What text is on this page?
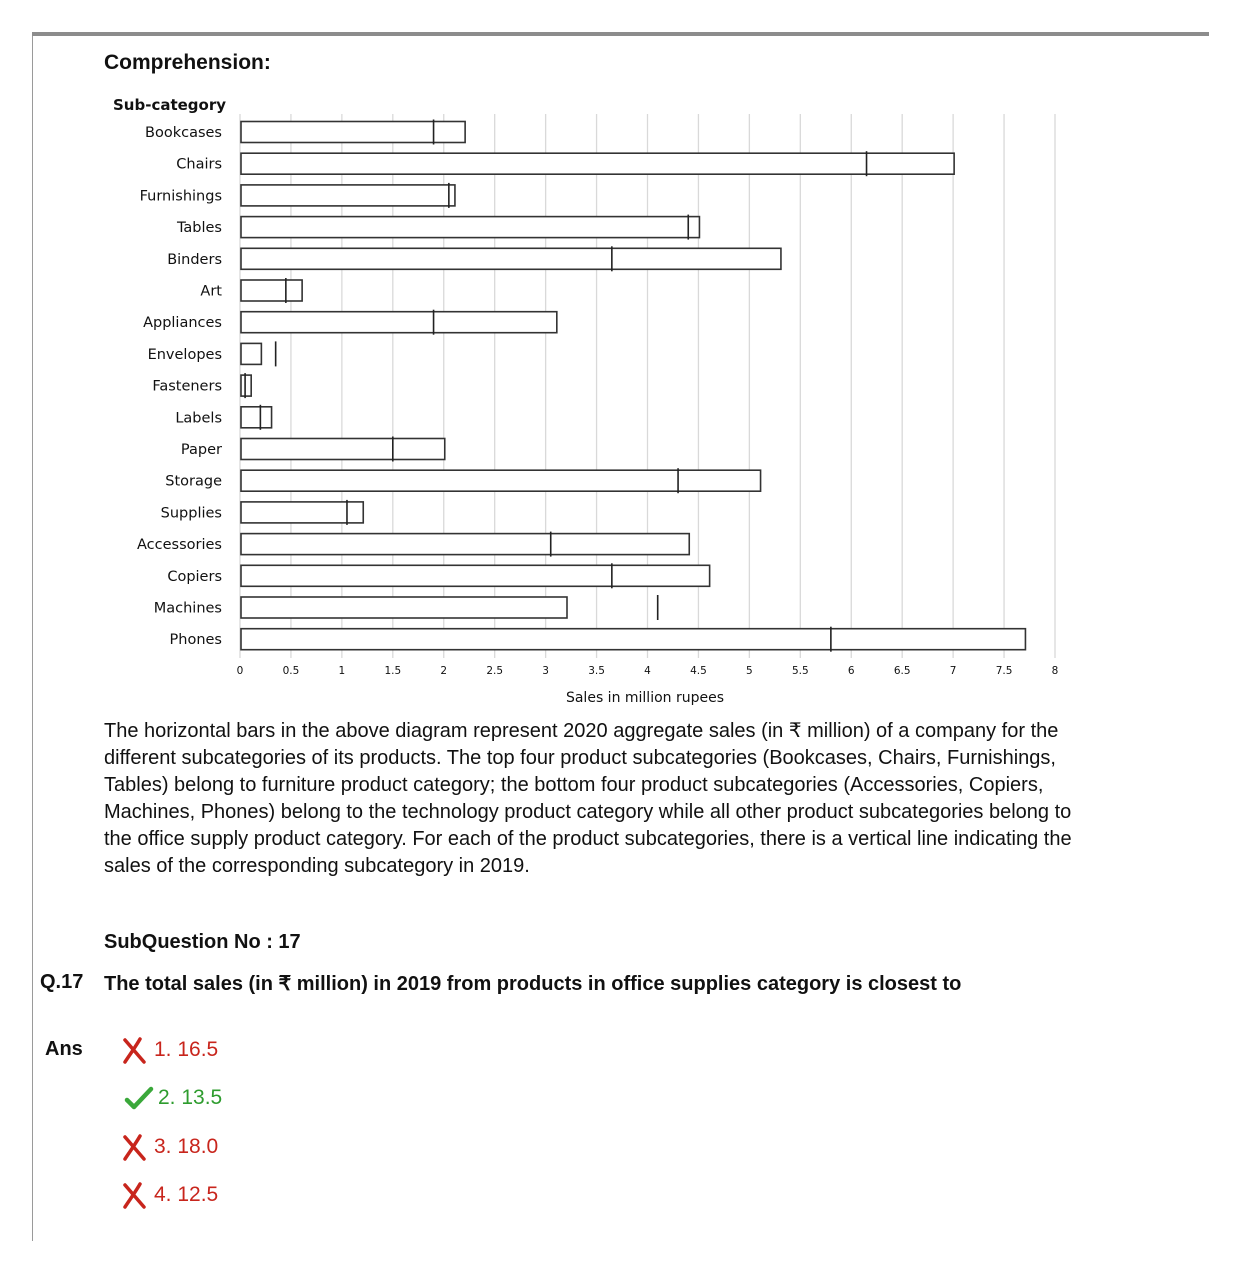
Comprehension:
Bookcases
Chairs
Furnishings
Tables
Binders
Art
Appliances
Envelopes
Fasteners
Labels
Paper
Storage
Supplies
Accessories
Copiers
Machines
Phones
0	0.5	1	1.5	2	2.5	3	3.5	4	4.5	5	5.5	6	6.5	7	7.5	8
Sub-category
Sales in million rupees

The horizontal bars in the above diagram represent 2020 aggregate sales (in ₹ million) of a company for the different subcategories of its products. The top four product subcategories (Bookcases, Chairs, Furnishings, Tables) belong to furniture product category; the bottom four product subcategories (Accessories, Copiers, Machines, Phones) belong to the technology product category while all other product subcategories belong to the office supply product category. For each of the product subcategories, there is a vertical line indicating the sales of the corresponding subcategory in 2019.

SubQuestion No : 17
Q.17 The total sales (in ₹ million) in 2019 from products in office supplies category is closest to

Ans	1. 16.5
2. 13.5
3. 18.0
4. 12.5
